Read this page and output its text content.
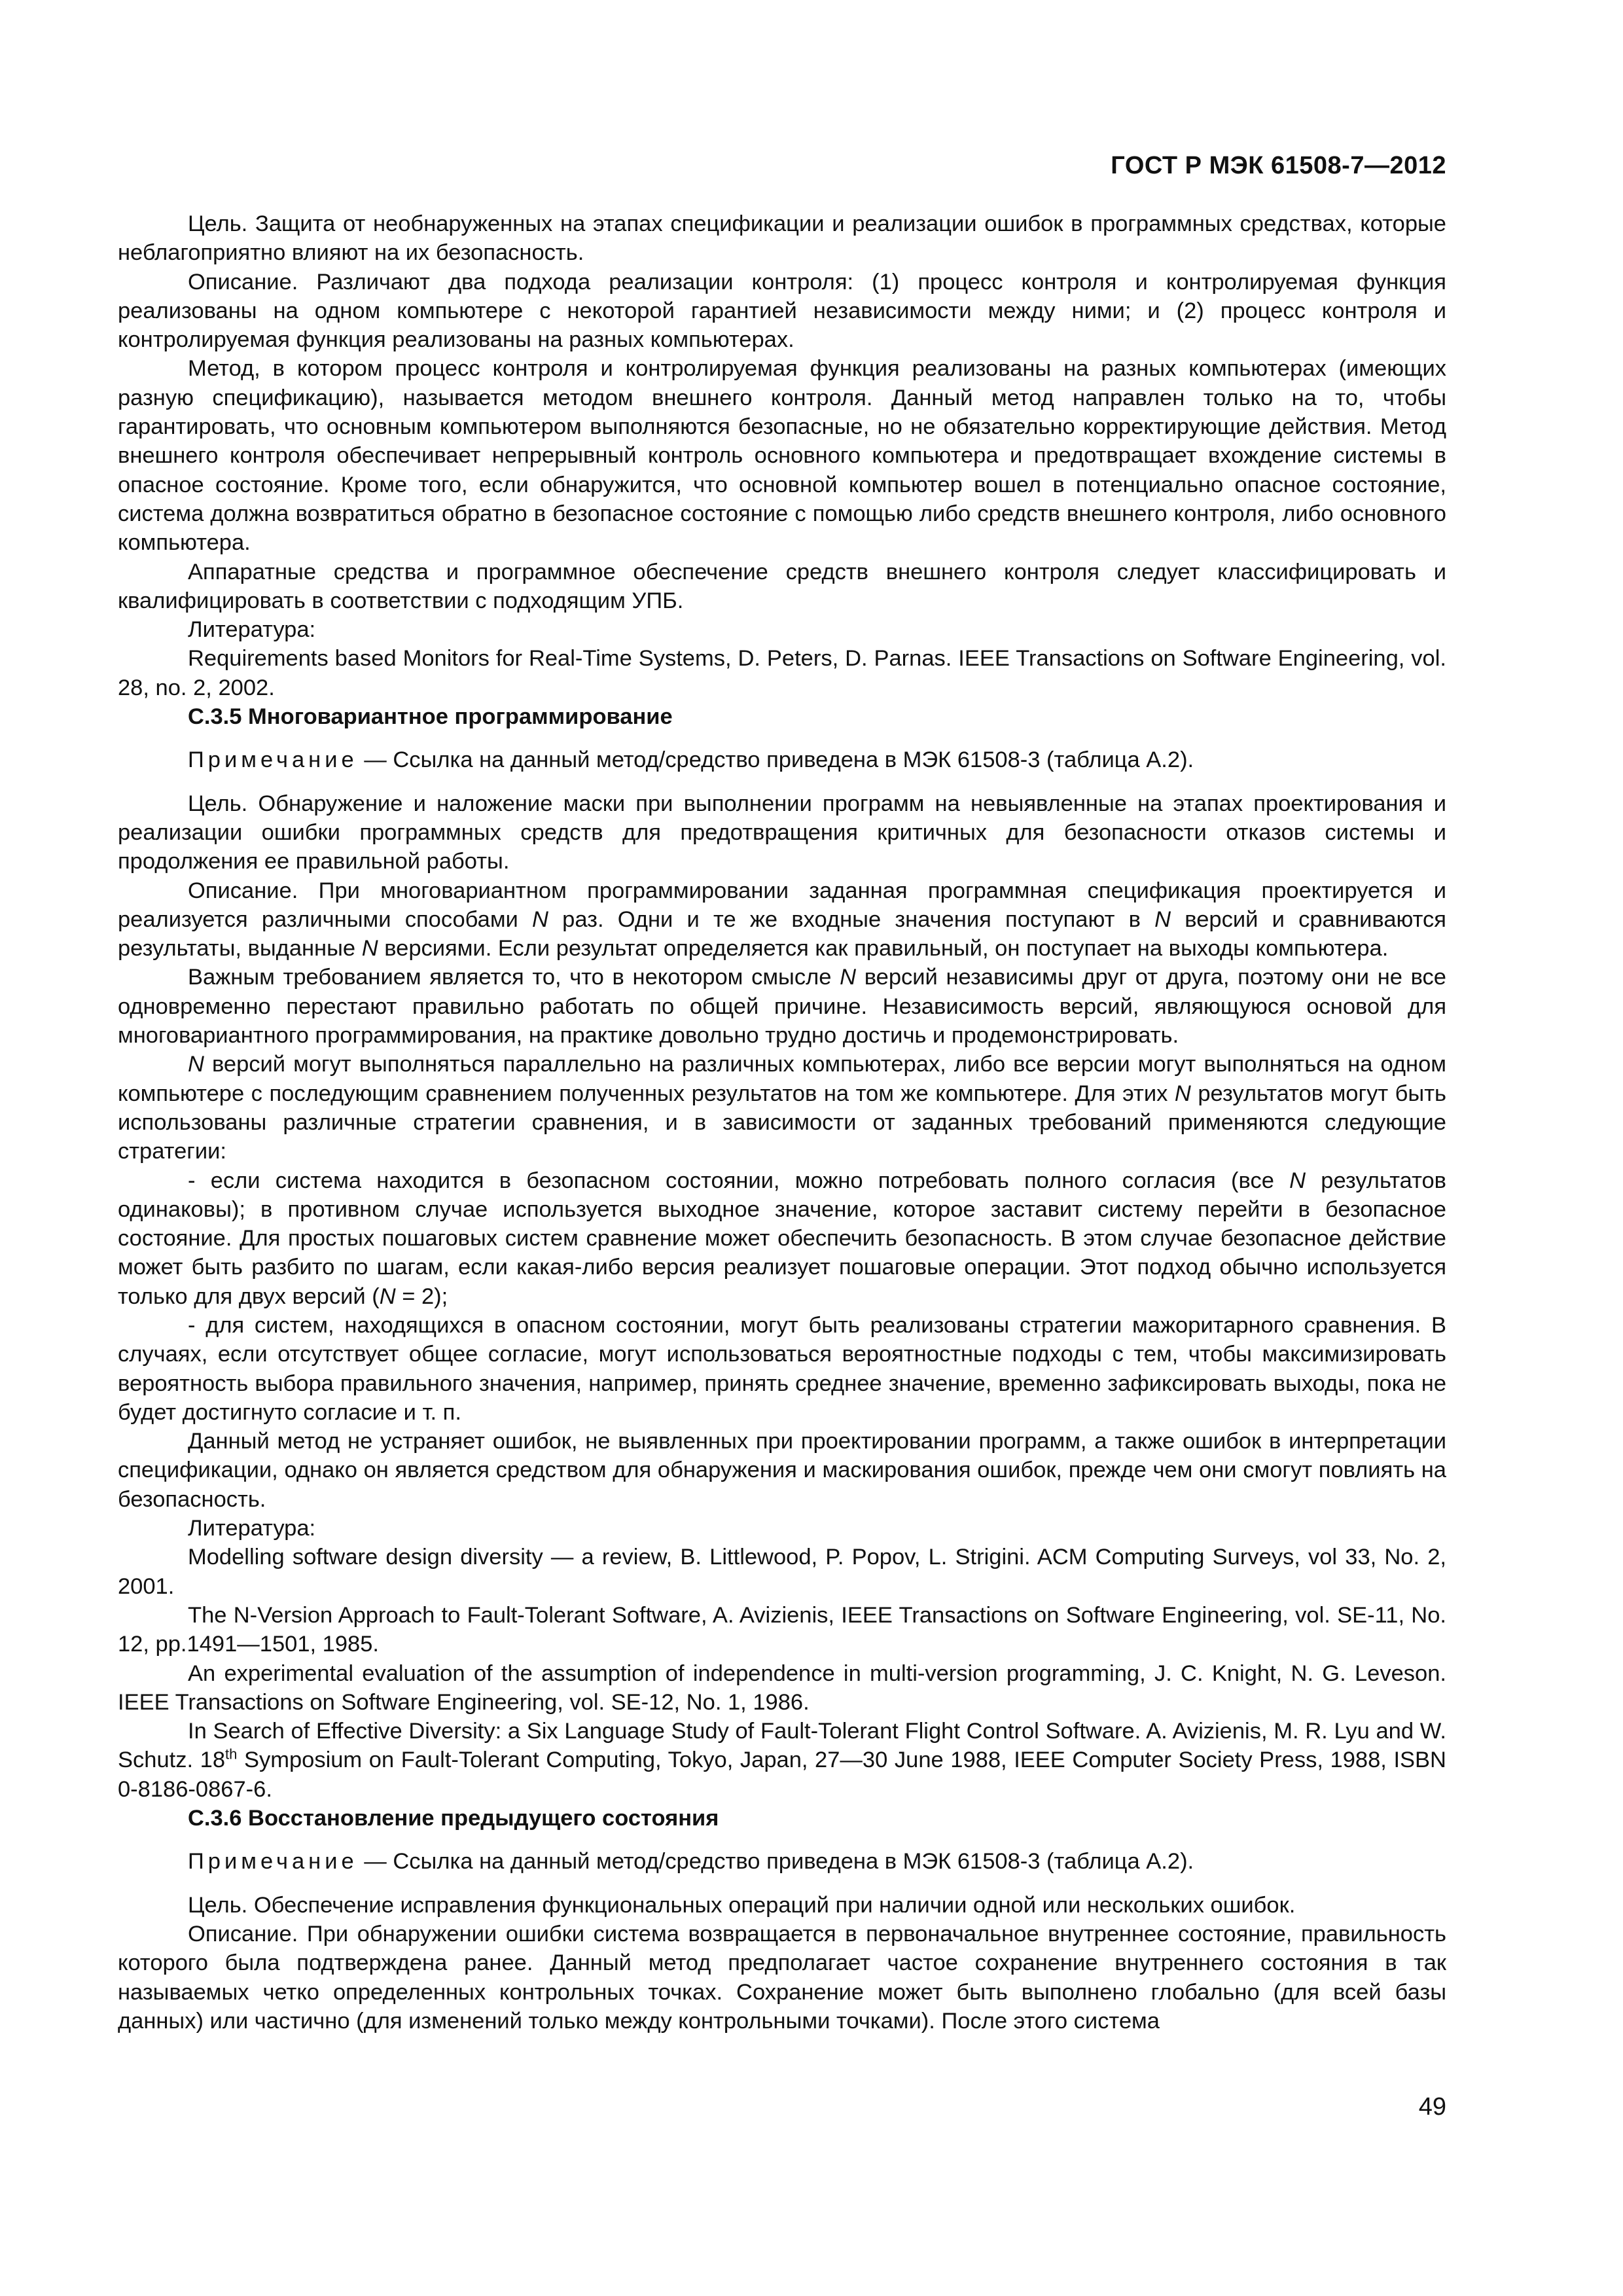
ГОСТ Р МЭК 61508-7—2012

Цель. Защита от необнаруженных на этапах спецификации и реализации ошибок в программных средствах, которые неблагоприятно влияют на их безопасность.

Описание. Различают два подхода реализации контроля: (1) процесс контроля и контролируемая функция реализованы на одном компьютере с некоторой гарантией независимости между ними; и (2) процесс контроля и контролируемая функция реализованы на разных компьютерах.

Метод, в котором процесс контроля и контролируемая функция реализованы на разных компьютерах (имеющих разную спецификацию), называется методом внешнего контроля. Данный метод направлен только на то, чтобы гарантировать, что основным компьютером выполняются безопасные, но не обязательно корректирующие действия. Метод внешнего контроля обеспечивает непрерывный контроль основного компьютера и предотвращает вхождение системы в опасное состояние. Кроме того, если обнаружится, что основной компьютер вошел в потенциально опасное состояние, система должна возвратиться обратно в безопасное состояние с помощью либо средств внешнего контроля, либо основного компьютера.

Аппаратные средства и программное обеспечение средств внешнего контроля следует классифицировать и квалифицировать в соответствии с подходящим УПБ.

Литература:

Requirements based Monitors for Real-Time Systems, D. Peters, D. Parnas. IEEE Transactions on Software Engineering, vol. 28, no. 2, 2002.

С.3.5 Многовариантное программирование

Примечание — Ссылка на данный метод/средство приведена в МЭК 61508-3 (таблица А.2).

Цель. Обнаружение и наложение маски при выполнении программ на невыявленные на этапах проектирования и реализации ошибки программных средств для предотвращения критичных для безопасности отказов системы и продолжения ее правильной работы.

Описание. При многовариантном программировании заданная программная спецификация проектируется и реализуется различными способами N раз. Одни и те же входные значения поступают в N версий и сравниваются результаты, выданные N версиями. Если результат определяется как правильный, он поступает на выходы компьютера.

Важным требованием является то, что в некотором смысле N версий независимы друг от друга, поэтому они не все одновременно перестают правильно работать по общей причине. Независимость версий, являющуюся основой для многовариантного программирования, на практике довольно трудно достичь и продемонстрировать.

N версий могут выполняться параллельно на различных компьютерах, либо все версии могут выполняться на одном компьютере с последующим сравнением полученных результатов на том же компьютере. Для этих N результатов могут быть использованы различные стратегии сравнения, и в зависимости от заданных требований применяются следующие стратегии:

- если система находится в безопасном состоянии, можно потребовать полного согласия (все N результатов одинаковы); в противном случае используется выходное значение, которое заставит систему перейти в безопасное состояние. Для простых пошаговых систем сравнение может обеспечить безопасность. В этом случае безопасное действие может быть разбито по шагам, если какая-либо версия реализует пошаговые операции. Этот подход обычно используется только для двух версий (N = 2);

- для систем, находящихся в опасном состоянии, могут быть реализованы стратегии мажоритарного сравнения. В случаях, если отсутствует общее согласие, могут использоваться вероятностные подходы с тем, чтобы максимизировать вероятность выбора правильного значения, например, принять среднее значение, временно зафиксировать выходы, пока не будет достигнуто согласие и т. п.

Данный метод не устраняет ошибок, не выявленных при проектировании программ, а также ошибок в интерпретации спецификации, однако он является средством для обнаружения и маскирования ошибок, прежде чем они смогут повлиять на безопасность.

Литература:

Modelling software design diversity — a review, B. Littlewood, P. Popov, L. Strigini. ACM Computing Surveys, vol 33, No. 2, 2001.

The N-Version Approach to Fault-Tolerant Software, A. Avizienis, IEEE Transactions on Software Engineering, vol. SE-11, No. 12, pp.1491—1501, 1985.

An experimental evaluation of the assumption of independence in multi-version programming, J. C. Knight, N. G. Leveson. IEEE Transactions on Software Engineering, vol. SE-12, No. 1, 1986.

In Search of Effective Diversity: a Six Language Study of Fault-Tolerant Flight Control Software. A. Avizienis, M. R. Lyu and W. Schutz. 18th Symposium on Fault-Tolerant Computing, Tokyo, Japan, 27—30 June 1988, IEEE Computer Society Press, 1988, ISBN 0-8186-0867-6.

С.3.6 Восстановление предыдущего состояния

Примечание — Ссылка на данный метод/средство приведена в МЭК 61508-3 (таблица А.2).

Цель. Обеспечение исправления функциональных операций при наличии одной или нескольких ошибок.

Описание. При обнаружении ошибки система возвращается в первоначальное внутреннее состояние, правильность которого была подтверждена ранее. Данный метод предполагает частое сохранение внутреннего состояния в так называемых четко определенных контрольных точках. Сохранение может быть выполнено глобально (для всей базы данных) или частично (для изменений только между контрольными точками). После этого система

49
